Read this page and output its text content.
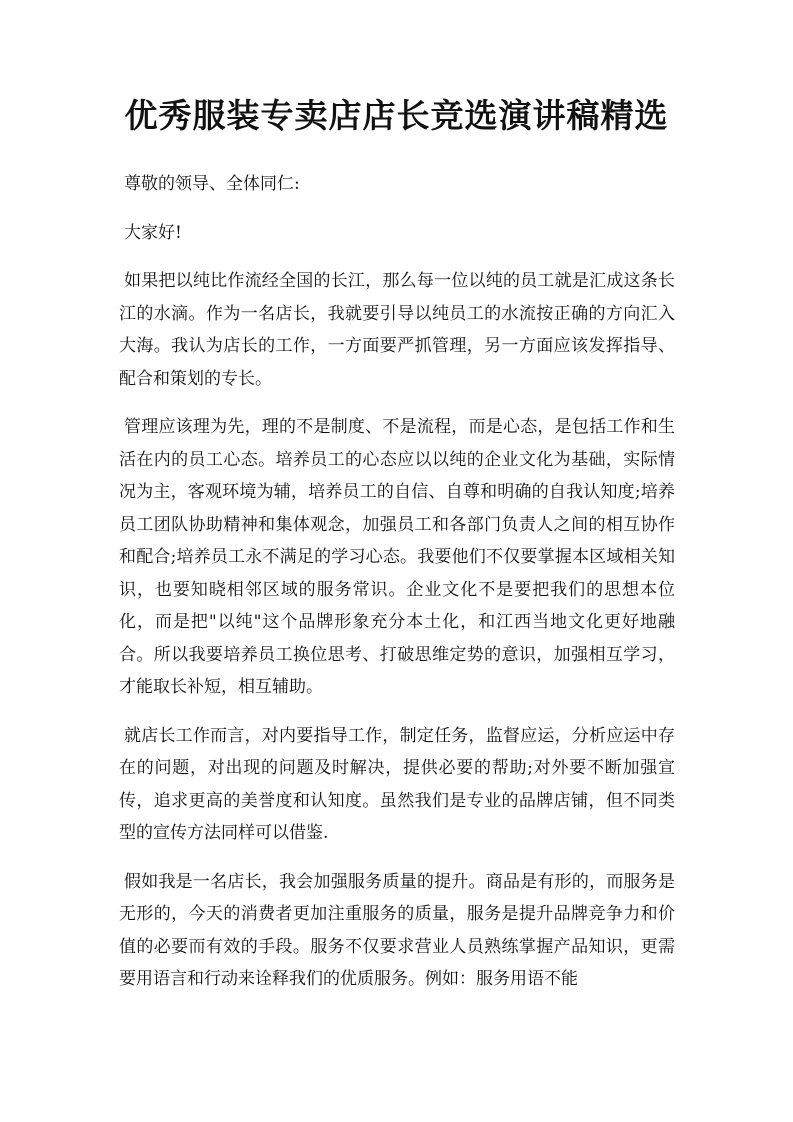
优秀服装专卖店店长竞选演讲稿精选

尊敬的领导、全体同仁:

大家好!

如果把以纯比作流经全国的长江，那么每一位以纯的员工就是汇成这条长江的水滴。作为一名店长，我就要引导以纯员工的水流按正确的方向汇入大海。我认为店长的工作，一方面要严抓管理，另一方面应该发挥指导、配合和策划的专长。

管理应该理为先，理的不是制度、不是流程，而是心态，是包括工作和生活在内的员工心态。培养员工的心态应以以纯的企业文化为基础，实际情况为主，客观环境为辅，培养员工的自信、自尊和明确的自我认知度;培养员工团队协助精神和集体观念，加强员工和各部门负责人之间的相互协作和配合;培养员工永不满足的学习心态。我要他们不仅要掌握本区域相关知识，也要知晓相邻区域的服务常识。企业文化不是要把我们的思想本位化，而是把"以纯"这个品牌形象充分本土化，和江西当地文化更好地融合。所以我要培养员工换位思考、打破思维定势的意识，加强相互学习，才能取长补短，相互辅助。

就店长工作而言，对内要指导工作，制定任务，监督应运，分析应运中存在的问题，对出现的问题及时解决，提供必要的帮助;对外要不断加强宣传，追求更高的美誉度和认知度。虽然我们是专业的品牌店铺，但不同类型的宣传方法同样可以借鉴.

假如我是一名店长，我会加强服务质量的提升。商品是有形的，而服务是无形的，今天的消费者更加注重服务的质量，服务是提升品牌竞争力和价值的必要而有效的手段。服务不仅要求营业人员熟练掌握产品知识，更需要用语言和行动来诠释我们的优质服务。例如：服务用语不能
